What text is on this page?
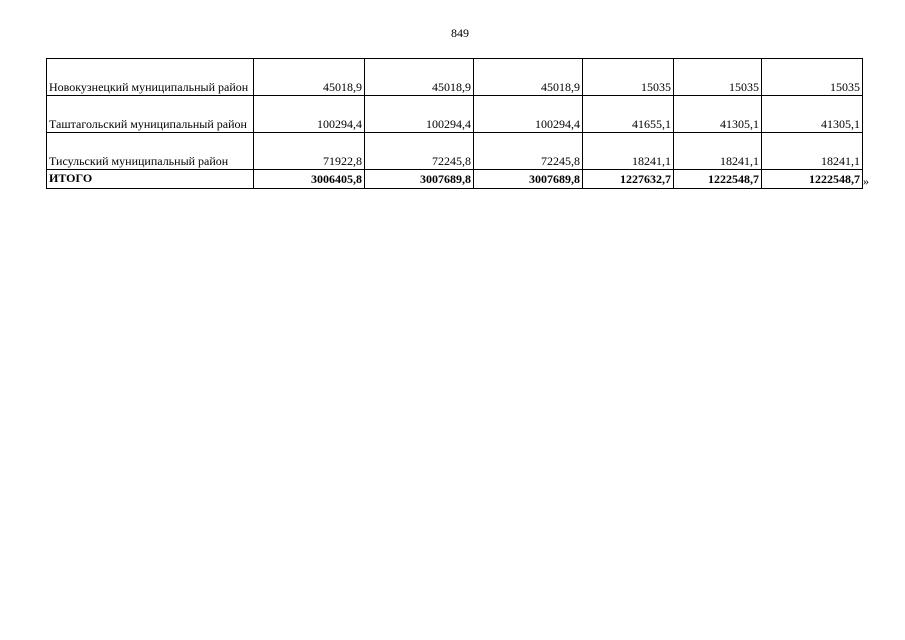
849
Новокузнецкий муниципальный район	45018,9	45018,9	45018,9	15035	15035	15035
Таштагольский муниципальный район	100294,4	100294,4	100294,4	41655,1	41305,1	41305,1
Тисульский муниципальный район	71922,8	72245,8	72245,8	18241,1	18241,1	18241,1
ИТОГО	3006405,8	3007689,8	3007689,8	1227632,7	1222548,7	1222548,7 »
